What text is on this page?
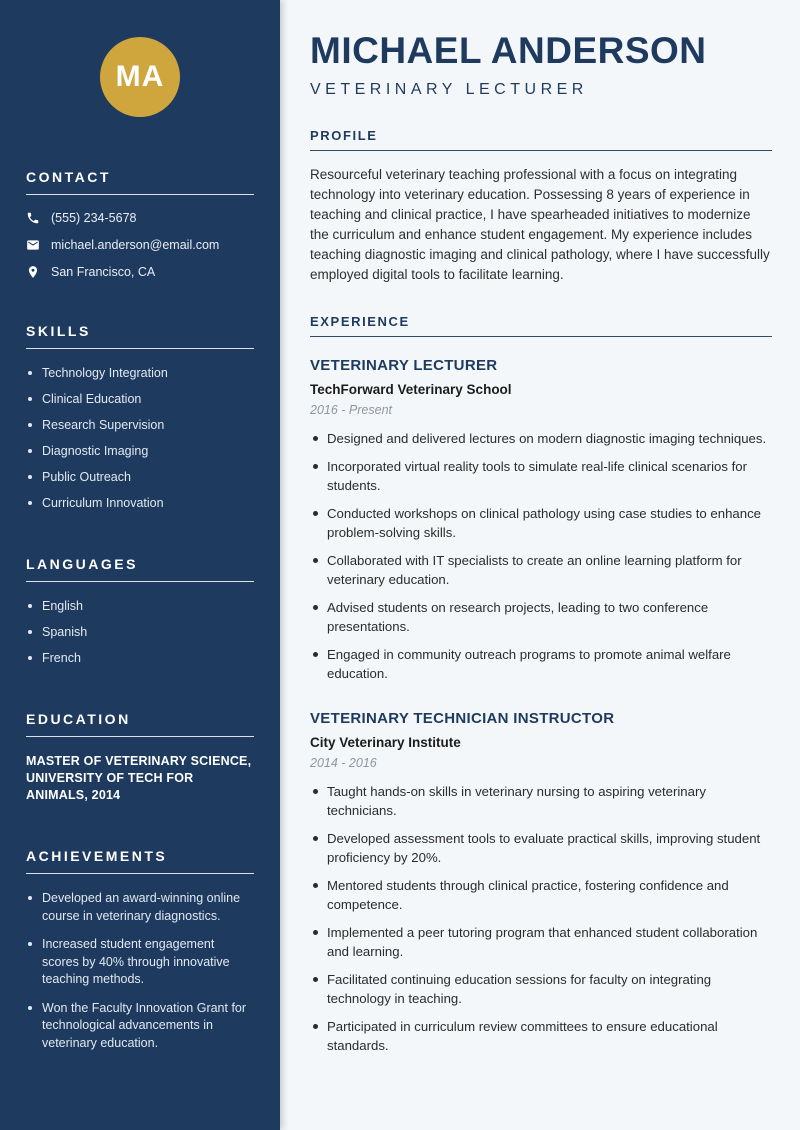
MA
CONTACT
(555) 234-5678
michael.anderson@email.com
San Francisco, CA
SKILLS
Technology Integration
Clinical Education
Research Supervision
Diagnostic Imaging
Public Outreach
Curriculum Innovation
LANGUAGES
English
Spanish
French
EDUCATION
MASTER OF VETERINARY SCIENCE, UNIVERSITY OF TECH FOR ANIMALS, 2014
ACHIEVEMENTS
Developed an award-winning online course in veterinary diagnostics.
Increased student engagement scores by 40% through innovative teaching methods.
Won the Faculty Innovation Grant for technological advancements in veterinary education.
MICHAEL ANDERSON
VETERINARY LECTURER
PROFILE

Resourceful veterinary teaching professional with a focus on integrating technology into veterinary education. Possessing 8 years of experience in teaching and clinical practice, I have spearheaded initiatives to modernize the curriculum and enhance student engagement. My experience includes teaching diagnostic imaging and clinical pathology, where I have successfully employed digital tools to facilitate learning.

EXPERIENCE
VETERINARY LECTURER
TechForward Veterinary School
2016 - Present
Designed and delivered lectures on modern diagnostic imaging techniques.
Incorporated virtual reality tools to simulate real-life clinical scenarios for students.
Conducted workshops on clinical pathology using case studies to enhance problem-solving skills.
Collaborated with IT specialists to create an online learning platform for veterinary education.
Advised students on research projects, leading to two conference presentations.
Engaged in community outreach programs to promote animal welfare education.
VETERINARY TECHNICIAN INSTRUCTOR
City Veterinary Institute
2014 - 2016
Taught hands-on skills in veterinary nursing to aspiring veterinary technicians.
Developed assessment tools to evaluate practical skills, improving student proficiency by 20%.
Mentored students through clinical practice, fostering confidence and competence.
Implemented a peer tutoring program that enhanced student collaboration and learning.
Facilitated continuing education sessions for faculty on integrating technology in teaching.
Participated in curriculum review committees to ensure educational standards.
